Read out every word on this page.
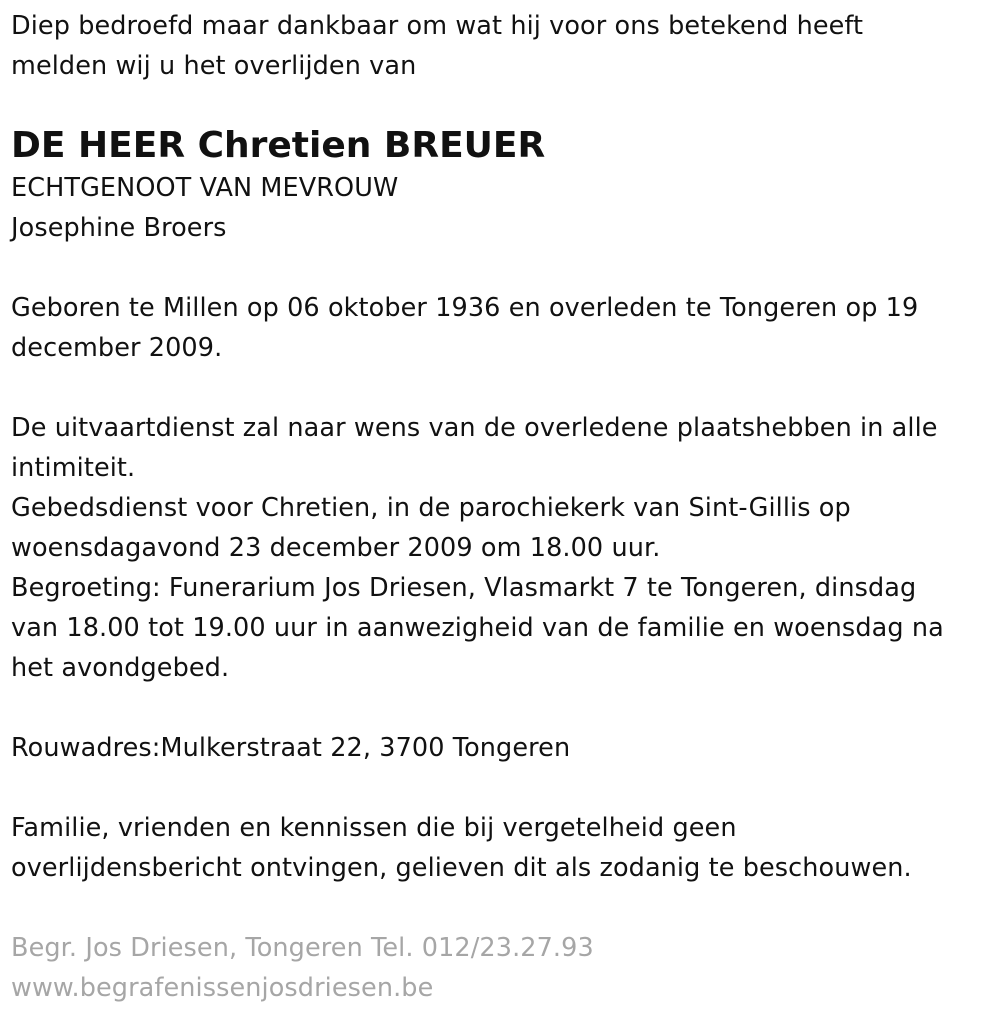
Diep bedroefd maar dankbaar om wat hij voor ons betekend heeft
melden wij u het overlijden van
DE HEER Chretien BREUER
ECHTGENOOT VAN MEVROUW
Josephine Broers
Geboren te Millen op 06 oktober 1936 en overleden te Tongeren op 19
december 2009.
De uitvaartdienst zal naar wens van de overledene plaatshebben in alle
intimiteit.
Gebedsdienst voor Chretien, in de parochiekerk van Sint-Gillis op
woensdagavond 23 december 2009 om 18.00 uur.
Begroeting: Funerarium Jos Driesen, Vlasmarkt 7 te Tongeren, dinsdag
van 18.00 tot 19.00 uur in aanwezigheid van de familie en woensdag na
het avondgebed.
Rouwadres:Mulkerstraat 22, 3700 Tongeren
Familie, vrienden en kennissen die bij vergetelheid geen
overlijdensbericht ontvingen, gelieven dit als zodanig te beschouwen.
Begr. Jos Driesen, Tongeren Tel. 012/23.27.93
www.begrafenissenjosdriesen.be
